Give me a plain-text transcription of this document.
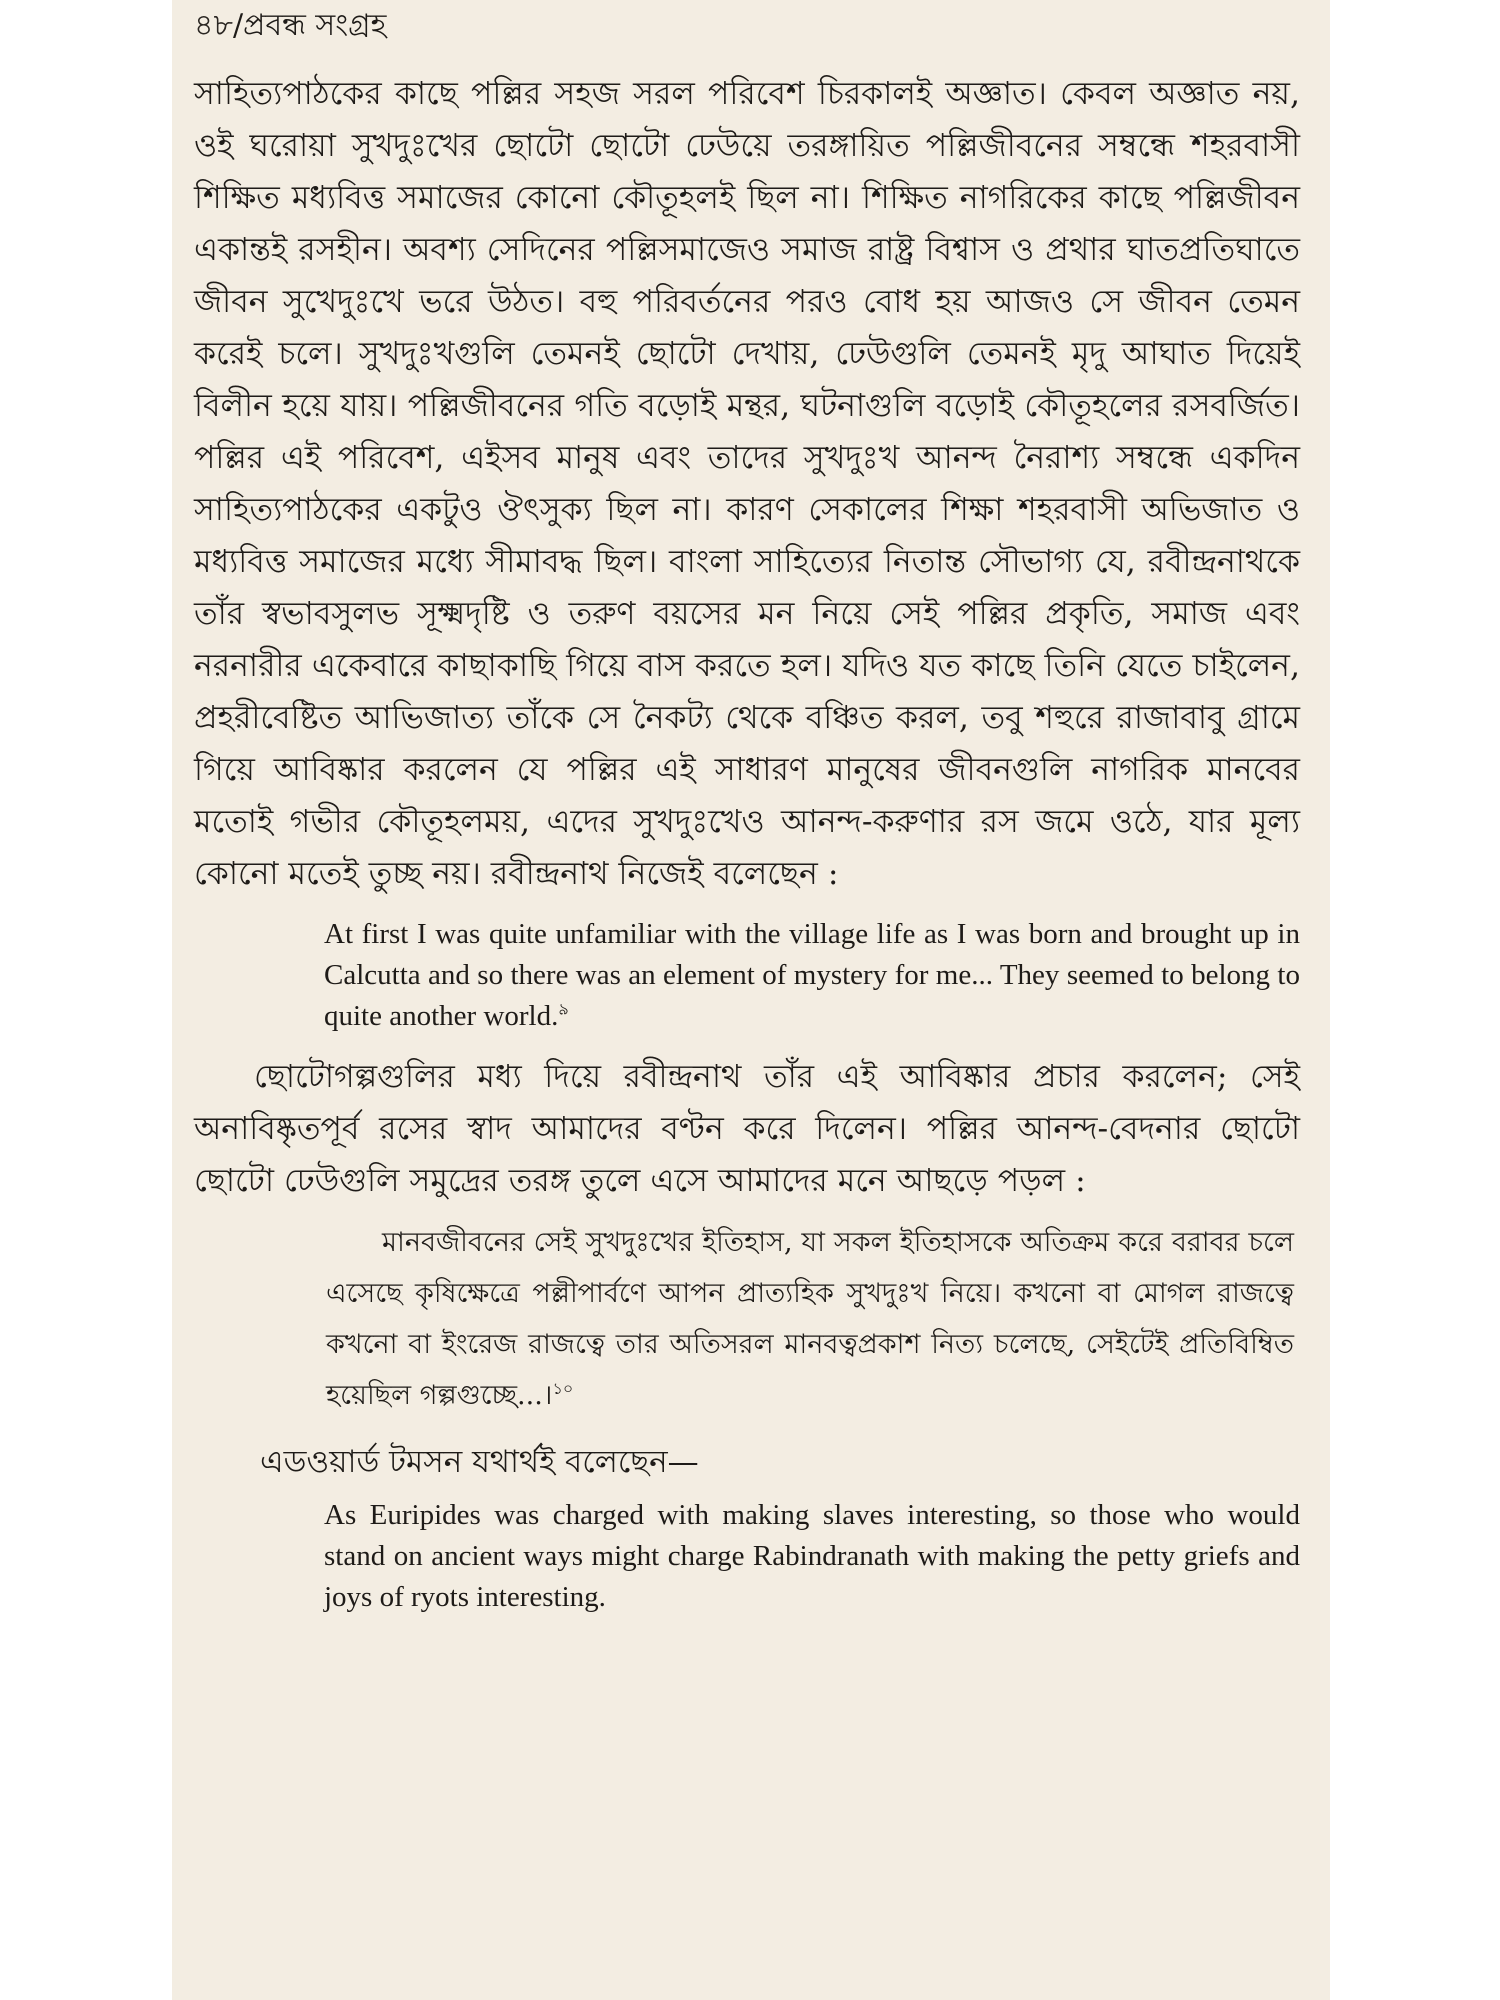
৪৮/প্রবন্ধ সংগ্রহ

সাহিত্যপাঠকের কাছে পল্লির সহজ সরল পরিবেশ চিরকালই অজ্ঞাত। কেবল অজ্ঞাত নয়, ওই ঘরোয়া সুখদুঃখের ছোটো ছোটো ঢেউয়ে তরঙ্গায়িত পল্লিজীবনের সম্বন্ধে শহরবাসী শিক্ষিত মধ্যবিত্ত সমাজের কোনো কৌতূহলই ছিল না। শিক্ষিত নাগরিকের কাছে পল্লিজীবন একান্তই রসহীন। অবশ্য সেদিনের পল্লিসমাজেও সমাজ রাষ্ট্র বিশ্বাস ও প্রথার ঘাতপ্রতিঘাতে জীবন সুখেদুঃখে ভরে উঠত। বহু পরিবর্তনের পরও বোধ হয় আজও সে জীবন তেমন করেই চলে। সুখদুঃখগুলি তেমনই ছোটো দেখায়, ঢেউগুলি তেমনই মৃদু আঘাত দিয়েই বিলীন হয়ে যায়। পল্লিজীবনের গতি বড়োই মন্থর, ঘটনাগুলি বড়োই কৌতূহলের রসবর্জিত। পল্লির এই পরিবেশ, এইসব মানুষ এবং তাদের সুখদুঃখ আনন্দ নৈরাশ্য সম্বন্ধে একদিন সাহিত্যপাঠকের একটুও ঔৎসুক্য ছিল না। কারণ সেকালের শিক্ষা শহরবাসী অভিজাত ও মধ্যবিত্ত সমাজের মধ্যে সীমাবদ্ধ ছিল। বাংলা সাহিত্যের নিতান্ত সৌভাগ্য যে, রবীন্দ্রনাথকে তাঁর স্বভাবসুলভ সূক্ষ্মদৃষ্টি ও তরুণ বয়সের মন নিয়ে সেই পল্লির প্রকৃতি, সমাজ এবং নরনারীর একেবারে কাছাকাছি গিয়ে বাস করতে হল। যদিও যত কাছে তিনি যেতে চাইলেন, প্রহরীবেষ্টিত আভিজাত্য তাঁকে সে নৈকট্য থেকে বঞ্চিত করল, তবু শহুরে রাজাবাবু গ্রামে গিয়ে আবিষ্কার করলেন যে পল্লির এই সাধারণ মানুষের জীবনগুলি নাগরিক মানবের মতোই গভীর কৌতূহলময়, এদের সুখদুঃখেও আনন্দ-করুণার রস জমে ওঠে, যার মূল্য কোনো মতেই তুচ্ছ নয়। রবীন্দ্রনাথ নিজেই বলেছেন :

At first I was quite unfamiliar with the village life as I was born and brought up in Calcutta and so there was an element of mystery for me... They seemed to belong to quite another world.$^৯$

ছোটোগল্পগুলির মধ্য দিয়ে রবীন্দ্রনাথ তাঁর এই আবিষ্কার প্রচার করলেন; সেই অনাবিষ্কৃতপূর্ব রসের স্বাদ আমাদের বণ্টন করে দিলেন। পল্লির আনন্দ-বেদনার ছোটো ছোটো ঢেউগুলি সমুদ্রের তরঙ্গ তুলে এসে আমাদের মনে আছড়ে পড়ল :

মানবজীবনের সেই সুখদুঃখের ইতিহাস, যা সকল ইতিহাসকে অতিক্রম করে বরাবর চলে এসেছে কৃষিক্ষেত্রে পল্লীপার্বণে আপন প্রাত্যহিক সুখদুঃখ নিয়ে। কখনো বা মোগল রাজত্বে কখনো বা ইংরেজ রাজত্বে তার অতিসরল মানবত্বপ্রকাশ নিত্য চলেছে, সেইটেই প্রতিবিম্বিত হয়েছিল গল্পগুচ্ছে...।$^{১০}$

এডওয়ার্ড টমসন যথার্থই বলেছেন—

As Euripides was charged with making slaves interesting, so those who would stand on ancient ways might charge Rabindranath with making the petty griefs and joys of ryots interesting.
